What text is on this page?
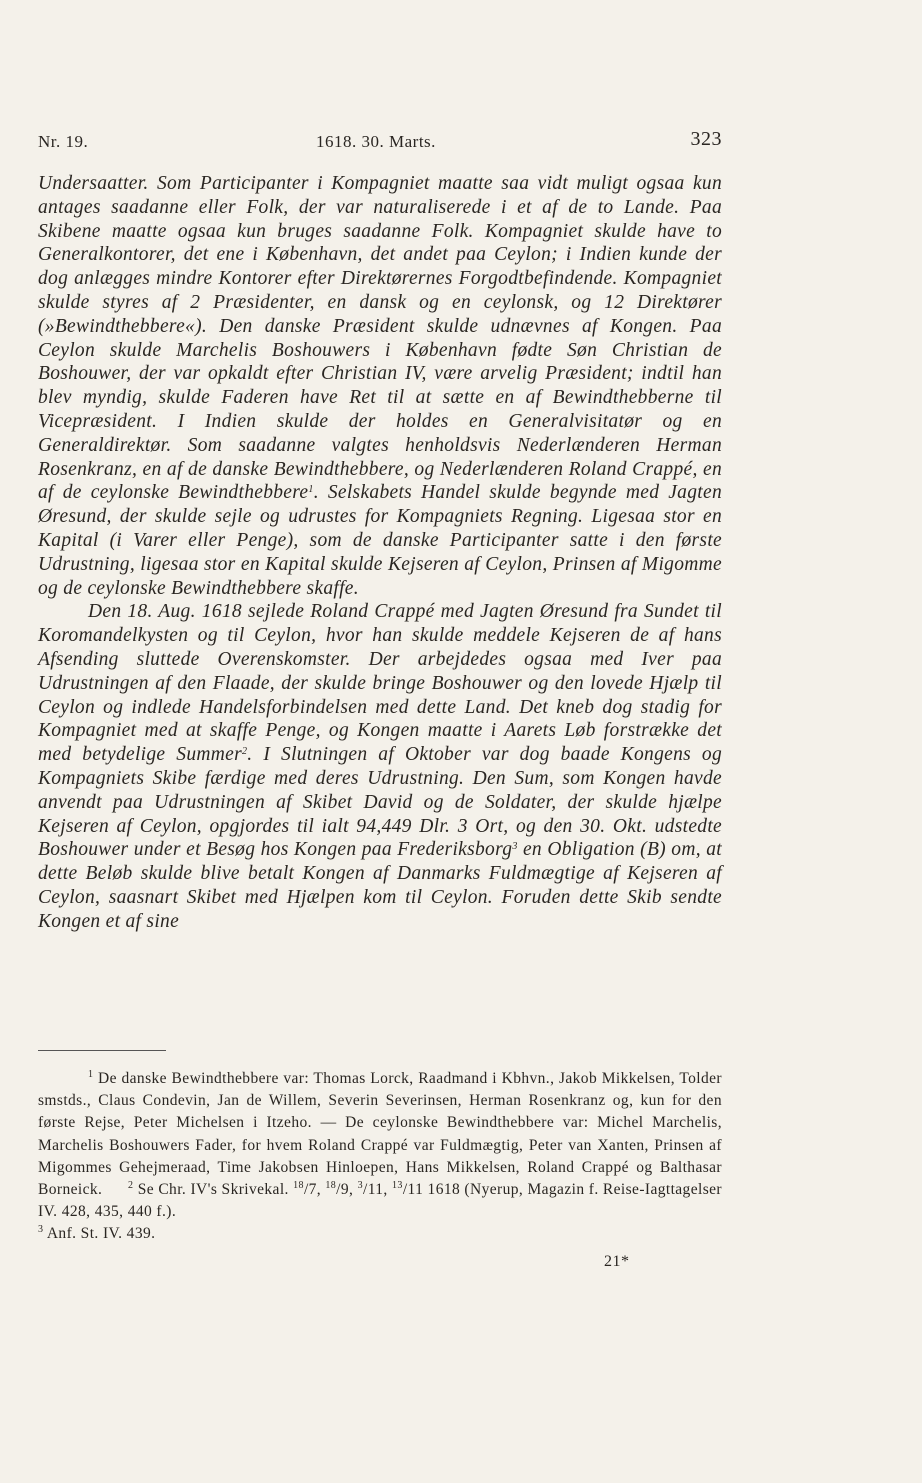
Nr. 19.	1618. 30. Marts.	323

Undersaatter. Som Participanter i Kompagniet maatte saa vidt muligt ogsaa kun antages saadanne eller Folk, der var naturaliserede i et af de to Lande. Paa Skibene maatte ogsaa kun bruges saadanne Folk. Kompagniet skulde have to Generalkontorer, det ene i København, det andet paa Ceylon; i Indien kunde der dog anlægges mindre Kontorer efter Direktørernes Forgodtbefindende. Kompagniet skulde styres af 2 Præsidenter, en dansk og en ceylonsk, og 12 Direktører (»Bewindthebbere«). Den danske Præsident skulde udnævnes af Kongen. Paa Ceylon skulde Marchelis Boshouwers i København fødte Søn Christian de Boshouwer, der var opkaldt efter Christian IV, være arvelig Præsident; indtil han blev myndig, skulde Faderen have Ret til at sætte en af Bewindthebberne til Vicepræsident. I Indien skulde der holdes en Generalvisitatør og en Generaldirektør. Som saadanne valgtes henholdsvis Nederlænderen Herman Rosenkranz, en af de danske Bewindthebbere, og Nederlænderen Roland Crappé, en af de ceylonske Bewindthebbere$^1$. Selskabets Handel skulde begynde med Jagten Øresund, der skulde sejle og udrustes for Kompagniets Regning. Ligesaa stor en Kapital (i Varer eller Penge), som de danske Participanter satte i den første Udrustning, ligesaa stor en Kapital skulde Kejseren af Ceylon, Prinsen af Migomme og de ceylonske Bewindthebbere skaffe.

Den 18. Aug. 1618 sejlede Roland Crappé med Jagten Øresund fra Sundet til Koromandelkysten og til Ceylon, hvor han skulde meddele Kejseren de af hans Afsending sluttede Overenskomster. Der arbejdedes ogsaa med Iver paa Udrustningen af den Flaade, der skulde bringe Boshouwer og den lovede Hjælp til Ceylon og indlede Handelsforbindelsen med dette Land. Det kneb dog stadig for Kompagniet med at skaffe Penge, og Kongen maatte i Aarets Løb forstrække det med betydelige Summer$^2$. I Slutningen af Oktober var dog baade Kongens og Kompagniets Skibe færdige med deres Udrustning. Den Sum, som Kongen havde anvendt paa Udrustningen af Skibet David og de Soldater, der skulde hjælpe Kejseren af Ceylon, opgjordes til ialt 94,449 Dlr. 3 Ort, og den 30. Okt. udstedte Boshouwer under et Besøg hos Kongen paa Frederiksborg$^3$ en Obligation (B) om, at dette Beløb skulde blive betalt Kongen af Danmarks Fuldmægtige af Kejseren af Ceylon, saasnart Skibet med Hjælpen kom til Ceylon. Foruden dette Skib sendte Kongen et af sine

$^1$ De danske Bewindthebbere var: Thomas Lorck, Raadmand i Kbhvn., Jakob Mikkelsen, Tolder smstds., Claus Condevin, Jan de Willem, Severin Severinsen, Herman Rosenkranz og, kun for den første Rejse, Peter Michelsen i Itzeho. — De ceylonske Bewindthebbere var: Michel Marchelis, Marchelis Boshouwers Fader, for hvem Roland Crappé var Fuldmægtig, Peter van Xanten, Prinsen af Migommes Gehejmeraad, Time Jakobsen Hinloepen, Hans Mikkelsen, Roland Crappé og Balthasar Borneick.	$^2$ Se Chr. IV's Skrivekal. $^{18}$/7, $^{18}$/9, $^3$/11, $^{13}$/11 1618 (Nyerup, Magazin f. Reise-Iagttagelser IV. 428, 435, 440 f.).
$^3$ Anf. St. IV. 439.

21*
